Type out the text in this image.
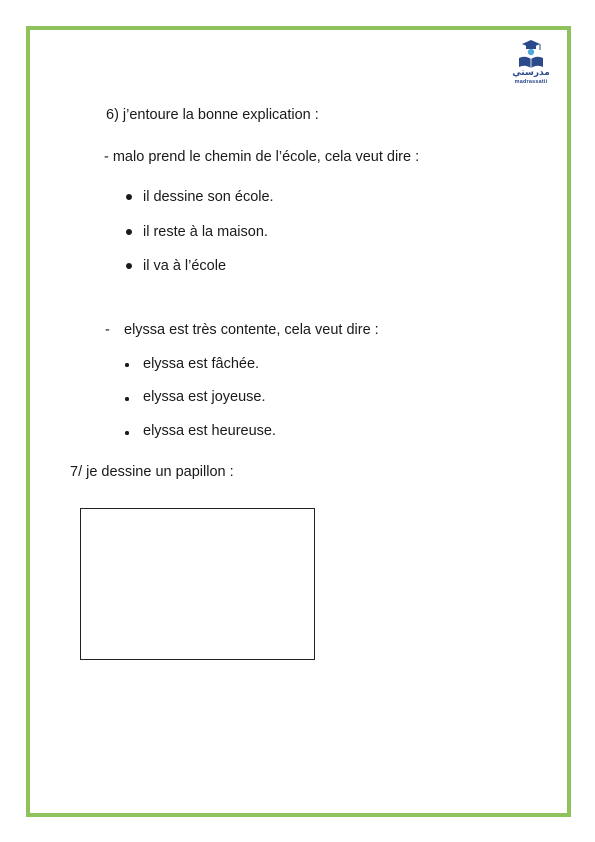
مدرستي
madrassatii
6) j’entoure la bonne explication :
- malo prend le chemin de l’école, cela veut dire :
il dessine son école.
il reste à la maison.
il va à l’école
- elyssa est très contente, cela veut dire :
elyssa est fâchée.
elyssa est joyeuse.
elyssa est heureuse.
7/ je dessine un papillon :
